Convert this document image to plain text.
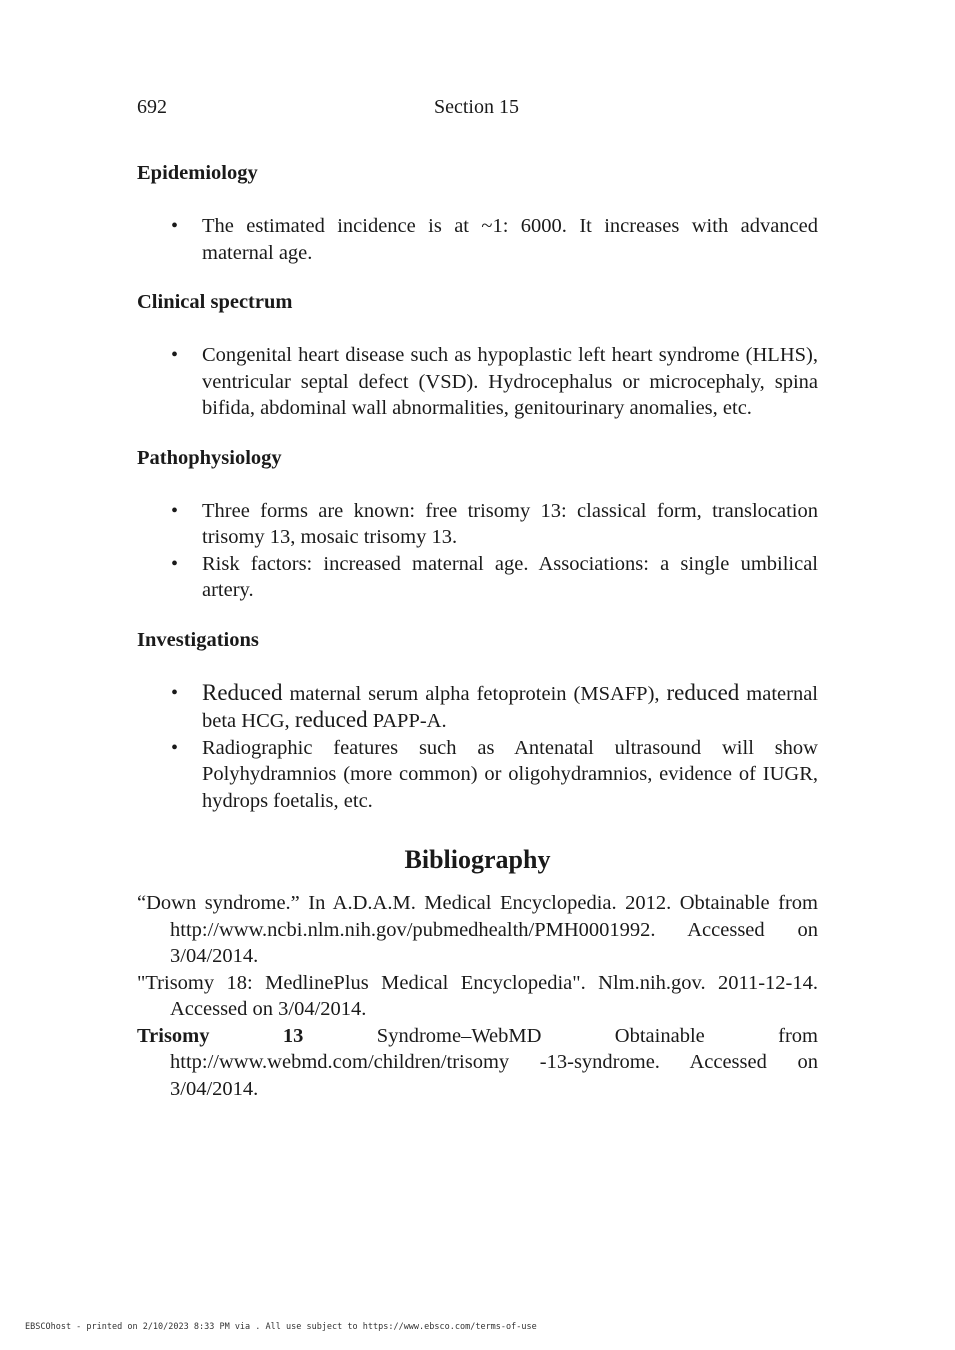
692	Section 15
Epidemiology
• The estimated incidence is at ~1: 6000. It increases with advanced maternal age.
Clinical spectrum
• Congenital heart disease such as hypoplastic left heart syndrome (HLHS), ventricular septal defect (VSD). Hydrocephalus or microcephaly, spina bifida, abdominal wall abnormalities, genitourinary anomalies, etc.
Pathophysiology
• Three forms are known: free trisomy 13: classical form, translocation trisomy 13, mosaic trisomy 13.
• Risk factors: increased maternal age. Associations: a single umbilical artery.
Investigations
• Reduced maternal serum alpha fetoprotein (MSAFP), reduced maternal beta HCG, reduced PAPP-A.
• Radiographic features such as Antenatal ultrasound will show Polyhydramnios (more common) or oligohydramnios, evidence of IUGR, hydrops foetalis, etc.
Bibliography
“Down syndrome.” In A.D.A.M. Medical Encyclopedia. 2012. Obtainable from http://www.ncbi.nlm.nih.gov/pubmedhealth/PMH0001992. Accessed on 3/04/2014.
"Trisomy 18: MedlinePlus Medical Encyclopedia". Nlm.nih.gov. 2011-12-14. Accessed on 3/04/2014.
Trisomy 13 Syndrome–WebMD Obtainable from http://www.webmd.com/children/trisomy -13-syndrome. Accessed on 3/04/2014.
EBSCOhost - printed on 2/10/2023 8:33 PM via . All use subject to https://www.ebsco.com/terms-of-use
